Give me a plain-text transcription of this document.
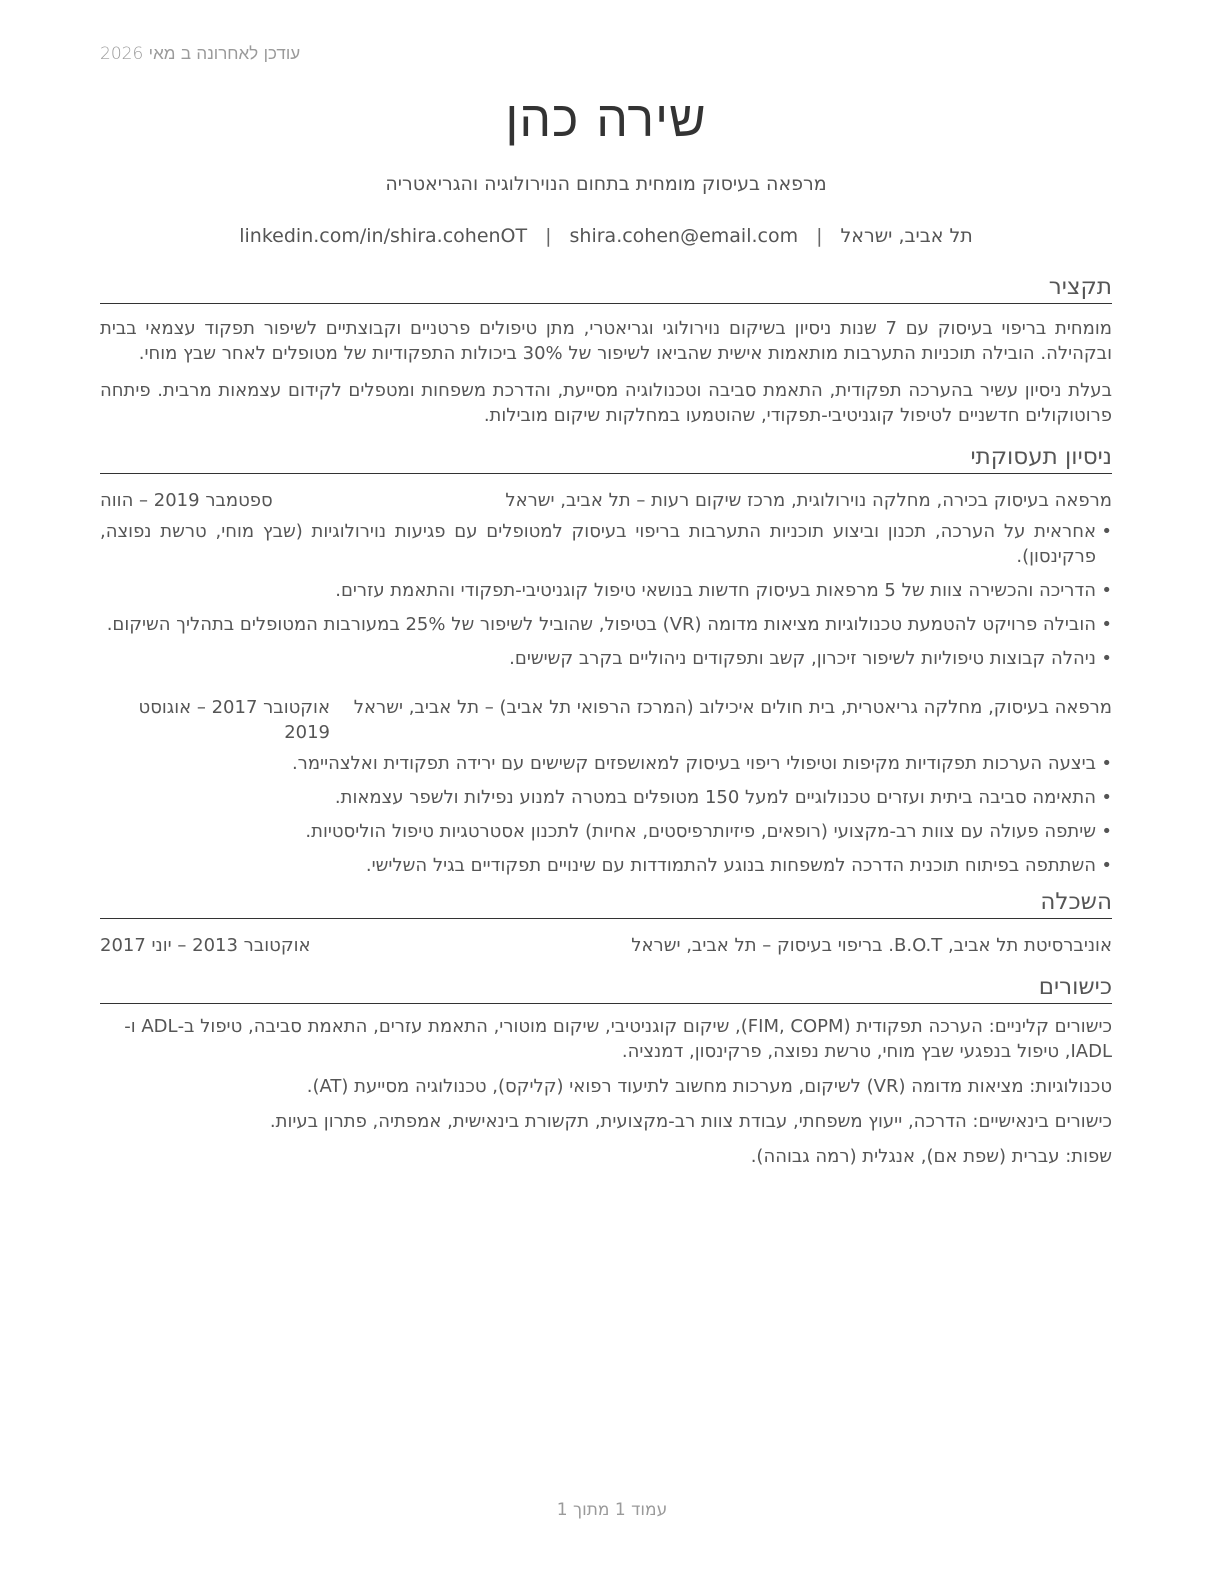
עודכן לאחרונה ב מאי 2026
שירה כהן
מרפאה בעיסוק מומחית בתחום הנוירולוגיה והגריאטריה
תל אביב, ישראל
|
shira.cohen@email.com
|
linkedin.com/in/shira.cohenOT
תקציר

מומחית בריפוי בעיסוק עם 7 שנות ניסיון בשיקום נוירולוגי וגריאטרי, מתן טיפולים פרטניים וקבוצתיים לשיפור תפקוד עצמאי בבית ובקהילה. הובילה תוכניות התערבות מותאמות אישית שהביאו לשיפור של 30% ביכולות התפקודיות של מטופלים לאחר שבץ מוחי.

בעלת ניסיון עשיר בהערכה תפקודית, התאמת סביבה וטכנולוגיה מסייעת, והדרכת משפחות ומטפלים לקידום עצמאות מרבית. פיתחה פרוטוקולים חדשניים לטיפול קוגניטיבי-תפקודי, שהוטמעו במחלקות שיקום מובילות.

ניסיון תעסוקתי
מרפאה בעיסוק בכירה, מחלקה נוירולוגית, מרכז שיקום רעות – תל אביב, ישראל
ספטמבר 2019 – הווה
• אחראית על הערכה, תכנון וביצוע תוכניות התערבות בריפוי בעיסוק למטופלים עם פגיעות נוירולוגיות (שבץ מוחי, טרשת נפוצה, פרקינסון).
• הדריכה והכשירה צוות של 5 מרפאות בעיסוק חדשות בנושאי טיפול קוגניטיבי-תפקודי והתאמת עזרים.
• הובילה פרויקט להטמעת טכנולוגיות מציאות מדומה (VR) בטיפול, שהוביל לשיפור של 25% במעורבות המטופלים בתהליך השיקום.
• ניהלה קבוצות טיפוליות לשיפור זיכרון, קשב ותפקודים ניהוליים בקרב קשישים.
מרפאה בעיסוק, מחלקה גריאטרית, בית חולים איכילוב (המרכז הרפואי תל אביב) – תל אביב, ישראל
אוקטובר 2017 – אוגוסט 2019
• ביצעה הערכות תפקודיות מקיפות וטיפולי ריפוי בעיסוק למאושפזים קשישים עם ירידה תפקודית ואלצהיימר.
• התאימה סביבה ביתית ועזרים טכנולוגיים למעל 150 מטופלים במטרה למנוע נפילות ולשפר עצמאות.
• שיתפה פעולה עם צוות רב-מקצועי (רופאים, פיזיותרפיסטים, אחיות) לתכנון אסטרטגיות טיפול הוליסטיות.
• השתתפה בפיתוח תוכנית הדרכה למשפחות בנוגע להתמודדות עם שינויים תפקודיים בגיל השלישי.
השכלה
אוניברסיטת תל אביב, B.O.T. בריפוי בעיסוק – תל אביב, ישראל
אוקטובר 2013 – יוני 2017
כישורים

כישורים קליניים: הערכה תפקודית (FIM, COPM), שיקום קוגניטיבי, שיקום מוטורי, התאמת עזרים, התאמת סביבה, טיפול ב-ADL ו-IADL, טיפול בנפגעי שבץ מוחי, טרשת נפוצה, פרקינסון, דמנציה.

טכנולוגיות: מציאות מדומה (VR) לשיקום, מערכות מחשוב לתיעוד רפואי (קליקס), טכנולוגיה מסייעת (AT).

כישורים בינאישיים: הדרכה, ייעוץ משפחתי, עבודת צוות רב-מקצועית, תקשורת בינאישית, אמפתיה, פתרון בעיות.

שפות: עברית (שפת אם), אנגלית (רמה גבוהה).

עמוד 1 מתוך 1
